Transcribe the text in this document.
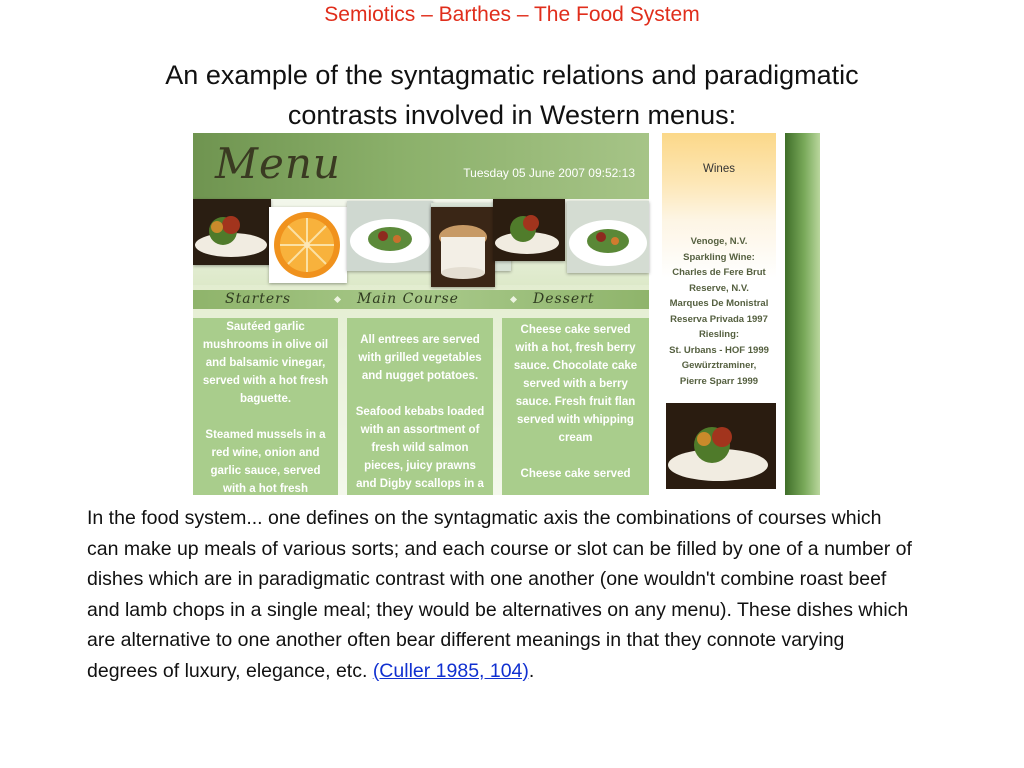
Semiotics – Barthes – The Food System
An example of the syntagmatic relations and paradigmatic
contrasts involved in Western menus:
Menu	Tuesday 05 June 2007 09:52:13
Starters	Main Course	Dessert

Sautéed garlic mushrooms in olive oil and balsamic vinegar, served with a hot fresh baguette.

Steamed mussels in a red wine, onion and garlic sauce, served with a hot fresh

All entrees are served with grilled vegetables and nugget potatoes.

Seafood kebabs loaded with an assortment of fresh wild salmon pieces, juicy prawns and Digby scallops in a

Cheese cake served with a hot, fresh berry sauce. Chocolate cake served with a berry sauce. Fresh fruit flan served with whipping cream

Cheese cake served

Wines
Venoge, N.V.
Sparkling Wine:
Charles de Fere Brut
Reserve, N.V.
Marques De Monistral
Reserva Privada 1997
Riesling:
St. Urbans - HOF 1999
Gewürztraminer,
Pierre Sparr 1999
In the food system... one defines on the syntagmatic axis the combinations of courses which can make up meals of various sorts; and each course or slot can be filled by one of a number of dishes which are in paradigmatic contrast with one another (one wouldn't combine roast beef and lamb chops in a single meal; they would be alternatives on any menu). These dishes which are alternative to one another often bear different meanings in that they connote varying degrees of luxury, elegance, etc. (Culler 1985, 104).
